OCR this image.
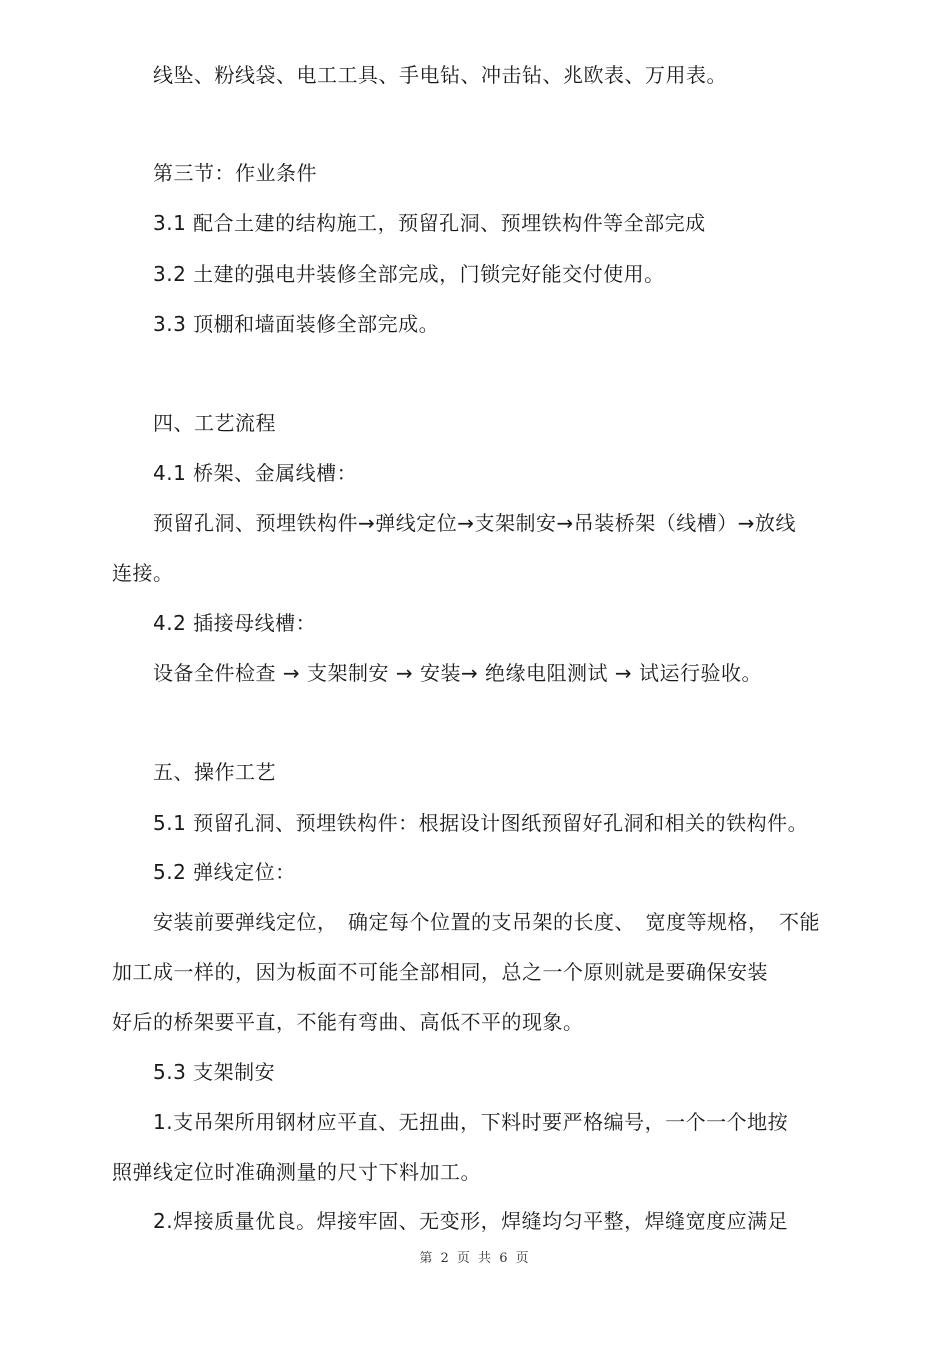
线坠、粉线袋、电工工具、手电钻、冲击钻、兆欧表、万用表。
第三节：作业条件
3.1 配合土建的结构施工，预留孔洞、预埋铁构件等全部完成
3.2 土建的强电井装修全部完成，门锁完好能交付使用。
3.3 顶棚和墙面装修全部完成。
四、工艺流程
4.1 桥架、金属线槽：
预留孔洞、预埋铁构件→弹线定位→支架制安→吊装桥架（线槽）→放线
连接。
4.2 插接母线槽：
设备全件检查 → 支架制安 → 安装→ 绝缘电阻测试 → 试运行验收。
五、操作工艺
5.1 预留孔洞、预埋铁构件：根据设计图纸预留好孔洞和相关的铁构件。
5.2 弹线定位：
安装前要弹线定位，　确定每个位置的支吊架的长度、　宽度等规格，　不能
加工成一样的，因为板面不可能全部相同，总之一个原则就是要确保安装
好后的桥架要平直，不能有弯曲、高低不平的现象。
5.3 支架制安
1.支吊架所用钢材应平直、无扭曲，下料时要严格编号，一个一个地按
照弹线定位时准确测量的尺寸下料加工。
2.焊接质量优良。焊接牢固、无变形，焊缝均匀平整，焊缝宽度应满足
第 2 页 共 6 页
